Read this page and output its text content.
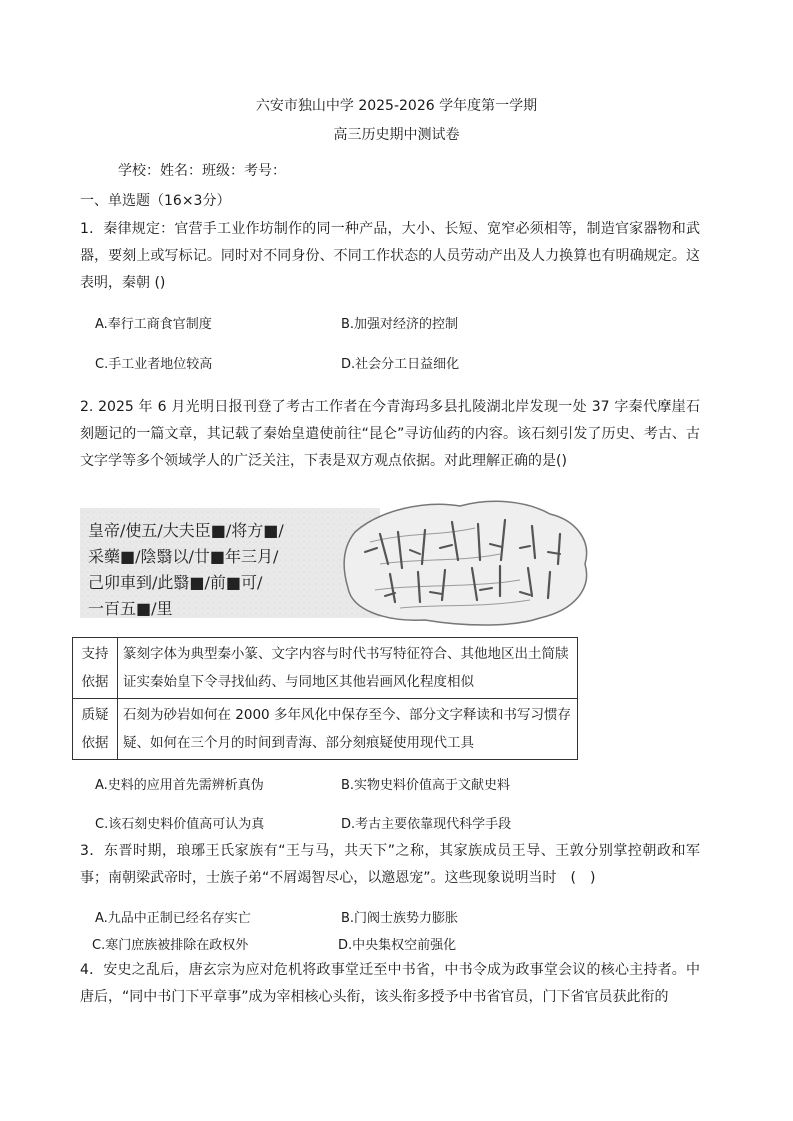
六安市独山中学 2025-2026 学年度第一学期
高三历史期中测试卷
学校：姓名：班级：考号：
一、单选题（16×3分）
1．秦律规定：官营手工业作坊制作的同一种产品，大小、长短、宽窄必须相等，制造官家器物和武器，要刻上或写标记。同时对不同身份、不同工作状态的人员劳动产出及人力换算也有明确规定。这表明，秦朝 ()
A.奉行工商食官制度	B.加强对经济的控制
C.手工业者地位较高	D.社会分工日益细化
2. 2025 年 6 月光明日报刊登了考古工作者在今青海玛多县扎陵湖北岸发现一处 37 字秦代摩崖石刻题记的一篇文章，其记载了秦始皇遣使前往“昆仑”寻访仙药的内容。该石刻引发了历史、考古、古文字学等多个领域学人的广泛关注，下表是双方观点依据。对此理解正确的是()
皇帝/使五/大夫臣■/将方■/
采藥■/陰翳以/廿■年三月/
己卯車到/此翳■/前■可/
一百五■/里
支持依据	篆刻字体为典型秦小篆、文字内容与时代书写特征符合、其他地区出土简牍证实秦始皇下令寻找仙药、与同地区其他岩画风化程度相似
质疑依据	石刻为砂岩如何在 2000 多年风化中保存至今、部分文字释读和书写习惯存疑、如何在三个月的时间到青海、部分刻痕疑使用现代工具
A.史料的应用首先需辨析真伪	B.实物史料价值高于文献史料
C.该石刻史料价值高可认为真	D.考古主要依靠现代科学手段
3．东晋时期，琅琊王氏家族有“王与马，共天下”之称，其家族成员王导、王敦分别掌控朝政和军事；南朝梁武帝时，士族子弟“不屑竭智尽心，以邀恩宠”。这些现象说明当时　(　)
A.九品中正制已经名存实亡	B.门阀士族势力膨胀
C.寒门庶族被排除在政权外	D.中央集权空前强化
4．安史之乱后，唐玄宗为应对危机将政事堂迁至中书省，中书令成为政事堂会议的核心主持者。中唐后，“同中书门下平章事”成为宰相核心头衔，该头衔多授予中书省官员，门下省官员获此衔的
